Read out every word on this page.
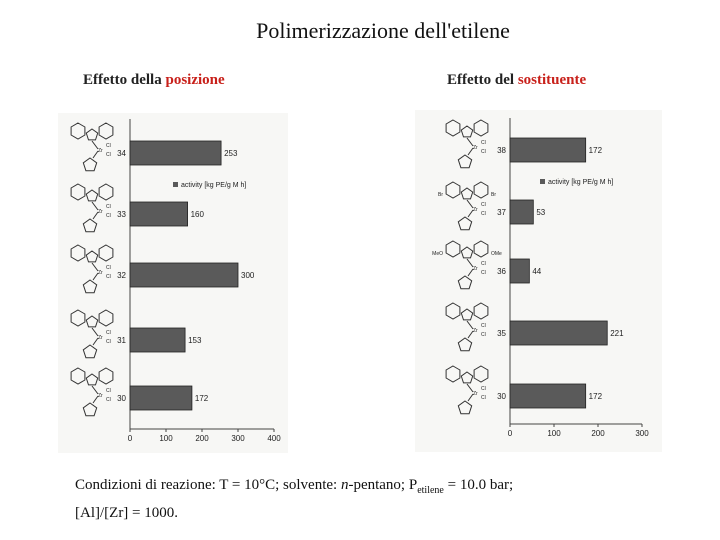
Polimerizzazione dell'etilene
Effetto della posizione	Effetto del sostituente
0	100	200	300	400
34	253
Zr
Cl
Cl
33	160
Zr
Cl
Cl
32	300
Zr
Cl
Cl
31	153
Zr
Cl
Cl
30	172
Zr
Cl
Cl
activity [kg PE/g M h]
0	100	200	300
38	172
Zr
Cl
Cl
37	53
Zr
Cl
Cl
Br	Br
36	44
Zr
Cl
Cl
MeO	OMe
35	221
Zr
Cl
Cl
30	172
Zr
Cl
Cl
activity [kg PE/g M h]
Condizioni di reazione: T = 10°C; solvente: n-pentano; $P_{etilene} = 10.0$ bar;
[Al]/[Zr] = 1000.
